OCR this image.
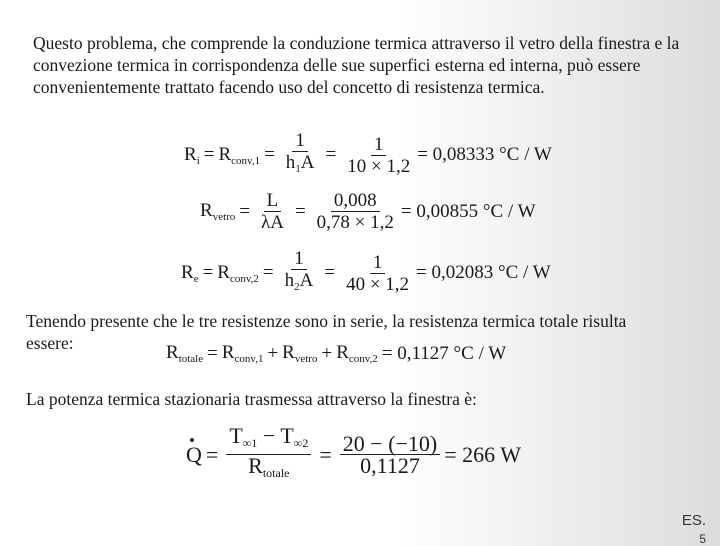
Questo problema, che comprende la conduzione termica attraverso il vetro della finestra e la convezione termica in corrispondenza delle sue superfici esterna ed interna, può essere convenientemente trattato facendo uso del concetto di resistenza termica.
$R_i = R_{conv,1} = \frac{1}{h_1A} = \frac{1}{10 \times 1,2} = 0,08333$ °C / W
$R_{vetro} = \frac{L}{\lambda A} = \frac{0,008}{0,78 \times 1,2} = 0,00855$ °C / W
$R_e = R_{conv,2} = \frac{1}{h_2A} = \frac{1}{40 \times 1,2} = 0,02083$ °C / W
Tenendo presente che le tre resistenze sono in serie, la resistenza termica totale risulta essere:	$R_{totale} = R_{conv,1} + R_{vetro} + R_{conv,2} = 0,1127$ °C / W
La potenza termica stazionaria trasmessa attraverso la finestra è:
$Q = \frac{T_{\infty 1} - T_{\infty 2}}{R_{totale}} = \frac{20 - (-10)}{0,1127} = 266$ W
ES.
5
